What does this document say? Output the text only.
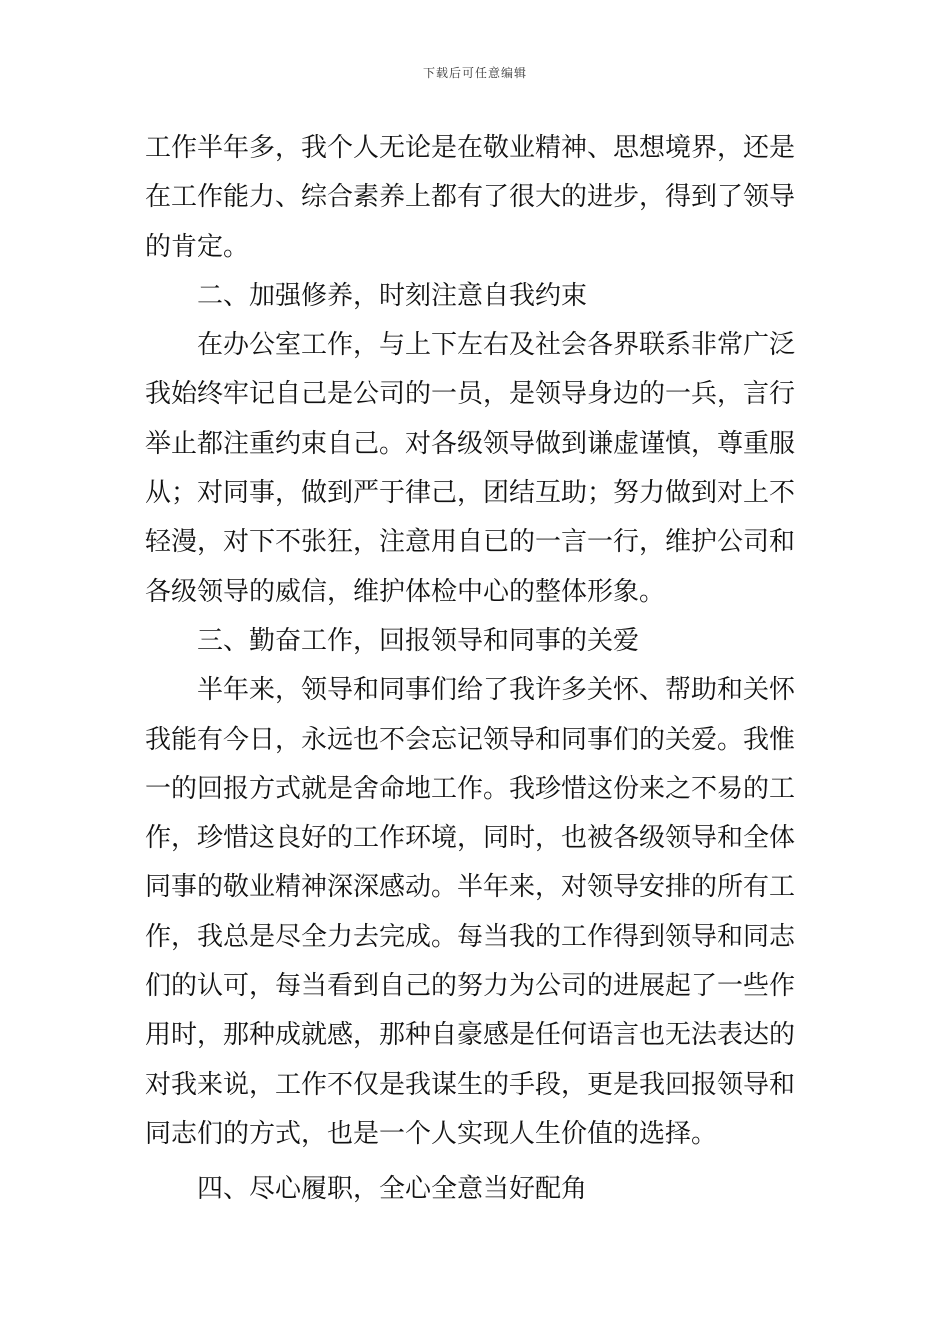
下载后可任意编辑
工作半年多，我个人无论是在敬业精神、思想境界，还是
在工作能力、综合素养上都有了很大的进步，得到了领导
的肯定。
二、加强修养，时刻注意自我约束
在办公室工作，与上下左右及社会各界联系非常广泛
我始终牢记自己是公司的一员，是领导身边的一兵，言行
举止都注重约束自己。对各级领导做到谦虚谨慎，尊重服
从；对同事，做到严于律己，团结互助；努力做到对上不
轻漫，对下不张狂，注意用自已的一言一行，维护公司和
各级领导的威信，维护体检中心的整体形象。
三、勤奋工作，回报领导和同事的关爱
半年来，领导和同事们给了我许多关怀、帮助和关怀
我能有今日，永远也不会忘记领导和同事们的关爱。我惟
一的回报方式就是舍命地工作。我珍惜这份来之不易的工
作，珍惜这良好的工作环境，同时，也被各级领导和全体
同事的敬业精神深深感动。半年来，对领导安排的所有工
作，我总是尽全力去完成。每当我的工作得到领导和同志
们的认可，每当看到自己的努力为公司的进展起了一些作
用时，那种成就感，那种自豪感是任何语言也无法表达的
对我来说，工作不仅是我谋生的手段，更是我回报领导和
同志们的方式，也是一个人实现人生价值的选择。
四、尽心履职，全心全意当好配角
